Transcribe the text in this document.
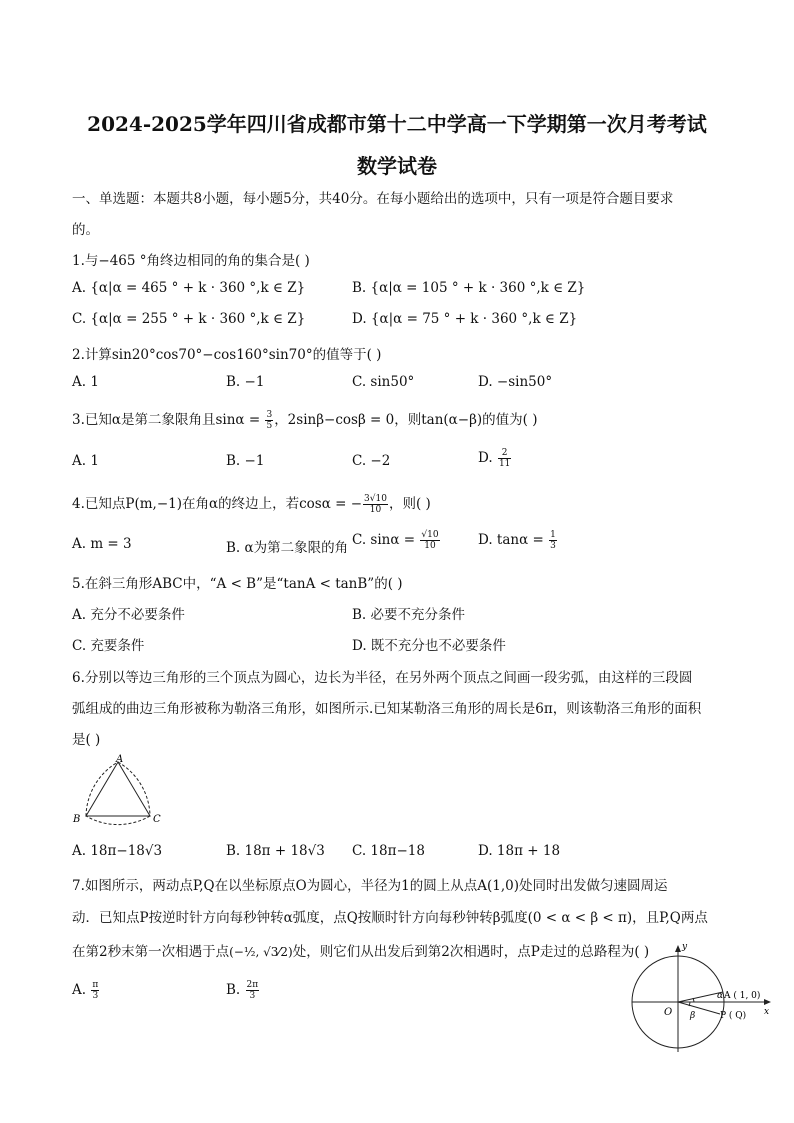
2024-2025学年四川省成都市第十二中学高一下学期第一次月考考试
数学试卷
一、单选题：本题共8小题，每小题5分，共40分。在每小题给出的选项中，只有一项是符合题目要求
的。
1.与−465 °角终边相同的角的集合是( )
A. {α|α = 465 ° + k · 360 °,k ∈ Z}	B. {α|α = 105 ° + k · 360 °,k ∈ Z}
C. {α|α = 255 ° + k · 360 °,k ∈ Z}	D. {α|α = 75 ° + k · 360 °,k ∈ Z}
2.计算sin20°cos70°−cos160°sin70°的值等于( )
A. 1	B. −1	C. sin50°	D. −sin50°
3.已知α是第二象限角且$\sin\alpha = \frac{3}{5}$ ，2sinβ−cosβ = 0，则tan(α−β)的值为( )
A. 1	B. −1	C. −2	D. $\frac{2}{11}$
4.已知点P(m,−1)在角α的终边上，若cosα = − $\frac{3√10}{10}$ ，则( )
A. m = 3	B. α为第二象限的角 C. $\sin\alpha = \frac{√10}{10}$	D. $\tan\alpha = \frac{1}{3}$
5.在斜三角形ABC中，“A < B”是“tanA < tanB”的( )
A. 充分不必要条件	B. 必要不充分条件
C. 充要条件	D. 既不充分也不必要条件
6.分别以等边三角形的三个顶点为圆心，边长为半径，在另外两个顶点之间画一段劣弧，由这样的三段圆
弧组成的曲边三角形被称为勒洛三角形，如图所示.已知某勒洛三角形的周长是6π，则该勒洛三角形的面积
是( )
A
B	C
A. 18π−18√3	B. 18π + 18√3 C. 18π−18	D. 18π + 18
7.如图所示，两动点P,Q在以坐标原点O为圆心，半径为1的圆上从点A(1,0)处同时出发做匀速圆周运
动．已知点P按逆时针方向每秒钟转α弧度，点Q按顺时针方向每秒钟转β弧度(0 < α < β < π)，且P,Q两点
在第2秒末第一次相遇于点(−½, √3⁄2)处，则它们从出发后到第2次相遇时，点P走过的总路程为( )
A. $\frac{\pi}{3}$	B. $\frac{2\pi}{3}$
y
x
O
α
β
A ( 1, 0)
P ( Q)
